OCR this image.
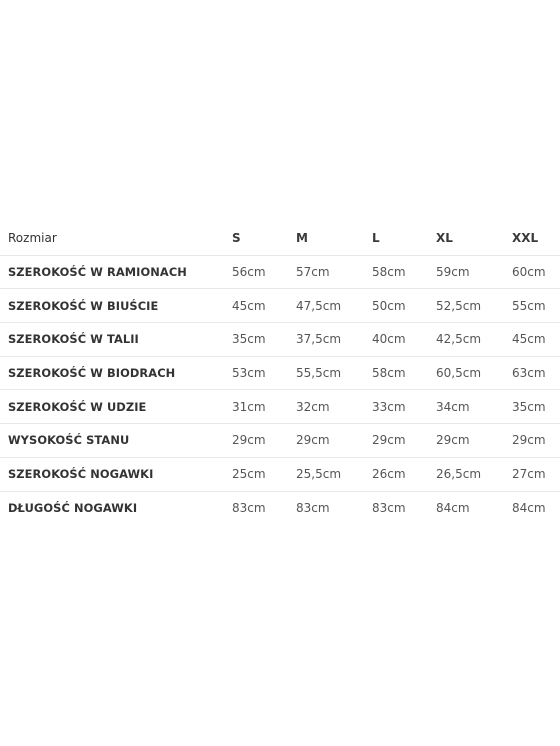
Rozmiar	S	M	L	XL	XXL
SZEROKOŚĆ W RAMIONACH	56cm	57cm	58cm	59cm	60cm
SZEROKOŚĆ W BIUŚCIE	45cm	47,5cm	50cm	52,5cm	55cm
SZEROKOŚĆ W TALII	35cm	37,5cm	40cm	42,5cm	45cm
SZEROKOŚĆ W BIODRACH	53cm	55,5cm	58cm	60,5cm	63cm
SZEROKOŚĆ W UDZIE	31cm	32cm	33cm	34cm	35cm
WYSOKOŚĆ STANU	29cm	29cm	29cm	29cm	29cm
SZEROKOŚĆ NOGAWKI	25cm	25,5cm	26cm	26,5cm	27cm
DŁUGOŚĆ NOGAWKI	83cm	83cm	83cm	84cm	84cm
